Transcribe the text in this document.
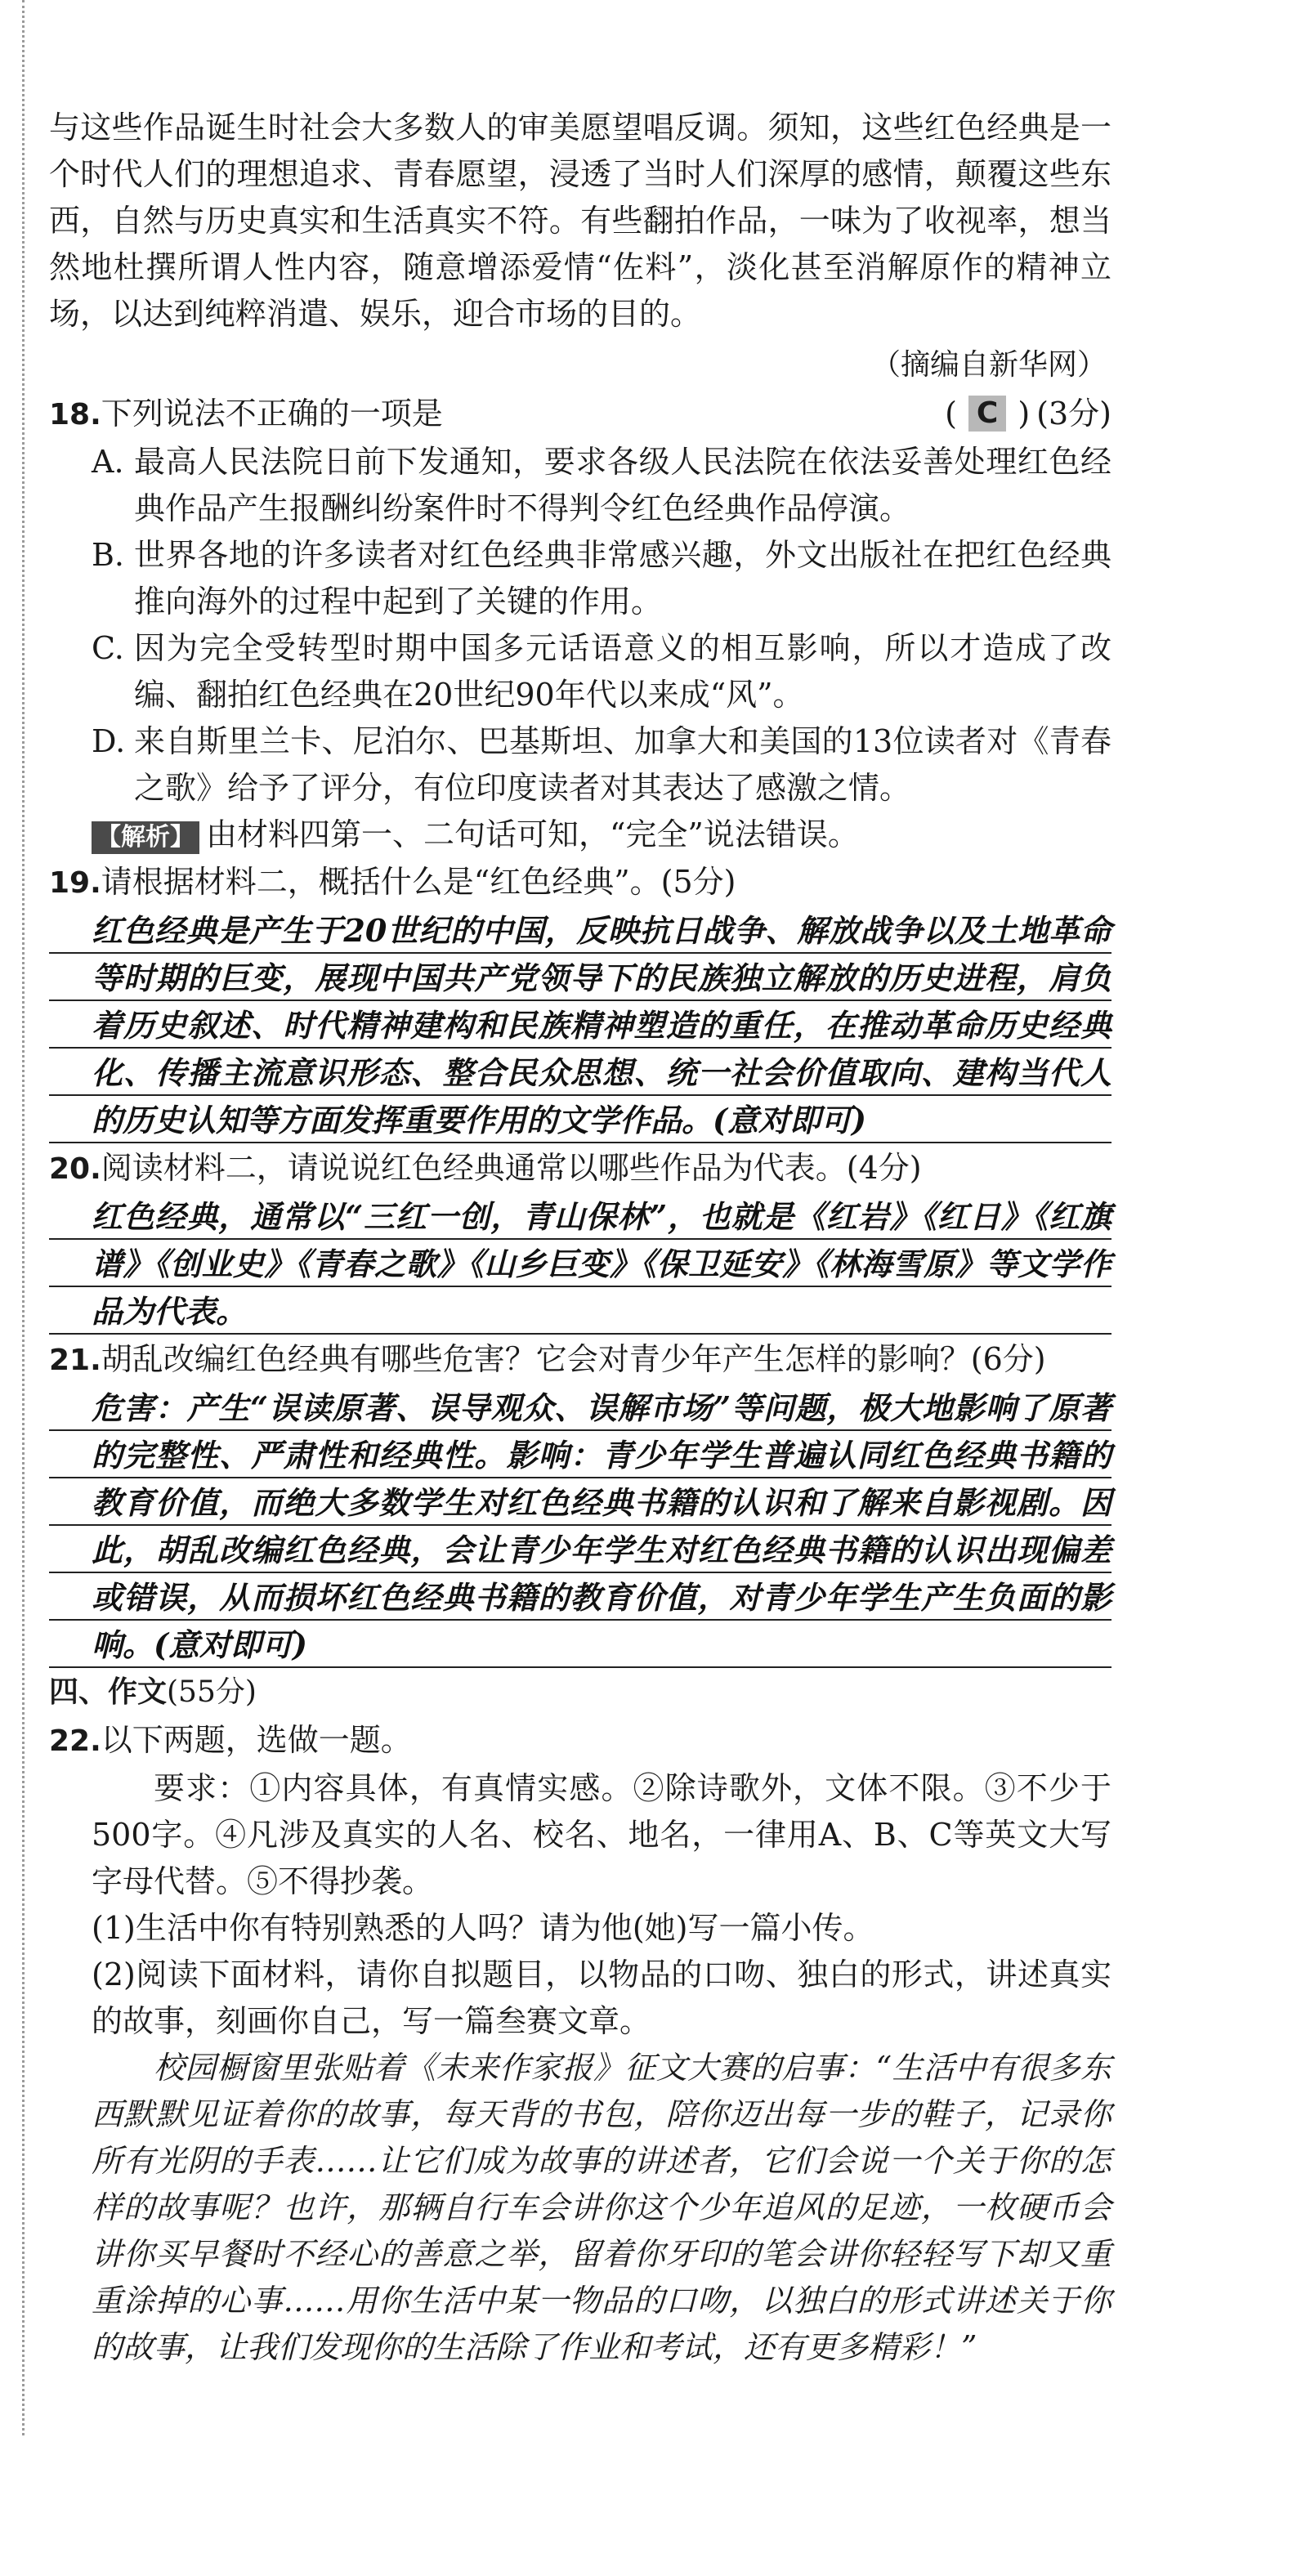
与这些作品诞生时社会大多数人的审美愿望唱反调。须知，这些红色经典是一个时代人们的理想追求、青春愿望，浸透了当时人们深厚的感情，颠覆这些东西，自然与历史真实和生活真实不符。有些翻拍作品，一味为了收视率，想当然地杜撰所谓人性内容，随意增添爱情“佐料”，淡化甚至消解原作的精神立场，以达到纯粹消遣、娱乐，迎合市场的目的。

（摘编自新华网）

18. 下列说法不正确的一项是	( C ) (3分)
A. 最高人民法院日前下发通知，要求各级人民法院在依法妥善处理红色经典作品产生报酬纠纷案件时不得判令红色经典作品停演。
B. 世界各地的许多读者对红色经典非常感兴趣，外文出版社在把红色经典推向海外的过程中起到了关键的作用。
C. 因为完全受转型时期中国多元话语意义的相互影响，所以才造成了改编、翻拍红色经典在20世纪90年代以来成“风”。
D. 来自斯里兰卡、尼泊尔、巴基斯坦、加拿大和美国的13位读者对《青春之歌》给予了评分，有位印度读者对其表达了感激之情。
【解析】 由材料四第一、二句话可知，“完全”说法错误。
19. 请根据材料二，概括什么是“红色经典”。(5分)
红色经典是产生于20世纪的中国，反映抗日战争、解放战争以及土地革命等时期的巨变，展现中国共产党领导下的民族独立解放的历史进程，肩负着历史叙述、时代精神建构和民族精神塑造的重任，在推动革命历史经典化、传播主流意识形态、整合民众思想、统一社会价值取向、建构当代人的历史认知等方面发挥重要作用的文学作品。(意对即可)
20. 阅读材料二，请说说红色经典通常以哪些作品为代表。(4分)
红色经典，通常以“三红一创，青山保林”，也就是《红岩》《红日》《红旗谱》《创业史》《青春之歌》《山乡巨变》《保卫延安》《林海雪原》等文学作品为代表。
21. 胡乱改编红色经典有哪些危害？它会对青少年产生怎样的影响？(6分)
危害：产生“误读原著、误导观众、误解市场”等问题，极大地影响了原著的完整性、严肃性和经典性。影响：青少年学生普遍认同红色经典书籍的教育价值，而绝大多数学生对红色经典书籍的认识和了解来自影视剧。因此，胡乱改编红色经典，会让青少年学生对红色经典书籍的认识出现偏差或错误，从而损坏红色经典书籍的教育价值，对青少年学生产生负面的影响。(意对即可)
四、作文(55分)
22. 以下两题，选做一题。
要求：①内容具体，有真情实感。②除诗歌外，文体不限。③不少于500字。④凡涉及真实的人名、校名、地名，一律用A、B、C等英文大写字母代替。⑤不得抄袭。
(1)生活中你有特别熟悉的人吗？请为他(她)写一篇小传。
(2)阅读下面材料，请你自拟题目，以物品的口吻、独白的形式，讲述真实的故事，刻画你自己，写一篇叁赛文章。
校园橱窗里张贴着《未来作家报》征文大赛的启事：“生活中有很多东西默默见证着你的故事，每天背的书包，陪你迈出每一步的鞋子，记录你所有光阴的手表……让它们成为故事的讲述者，它们会说一个关于你的怎样的故事呢？也许，那辆自行车会讲你这个少年追风的足迹，一枚硬币会讲你买早餐时不经心的善意之举，留着你牙印的笔会讲你轻轻写下却又重重涂掉的心事……用你生活中某一物品的口吻，以独白的形式讲述关于你的故事，让我们发现你的生活除了作业和考试，还有更多精彩！”
